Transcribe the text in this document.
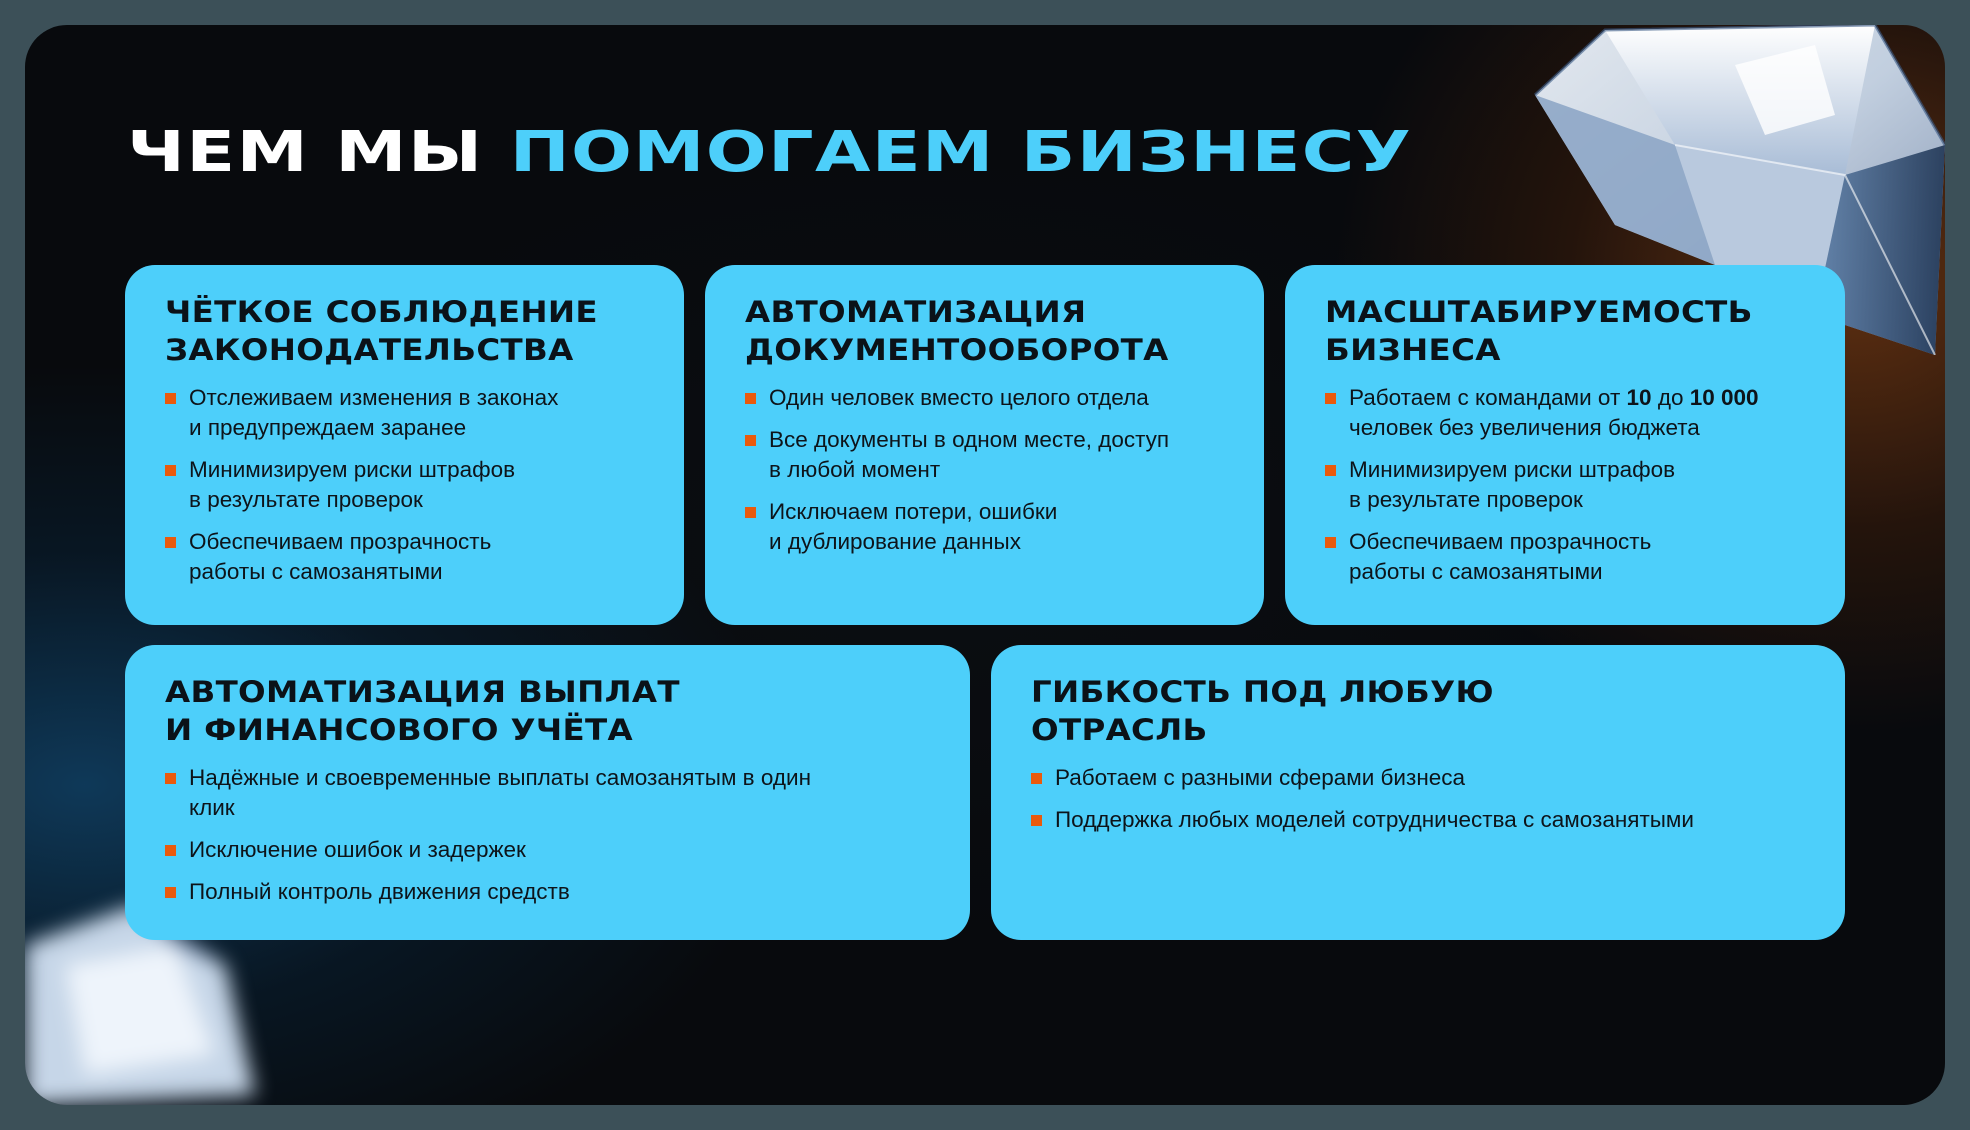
ЧЕМ МЫ ПОМОГАЕМ БИЗНЕСУ
ЧЁТКОЕ СОБЛЮДЕНИЕ
ЗАКОНОДАТЕЛЬСТВА
Отслеживаем изменения в законах
и предупреждаем заранее
Минимизируем риски штрафов
в результате проверок
Обеспечиваем прозрачность
работы с самозанятыми
АВТОМАТИЗАЦИЯ
ДОКУМЕНТООБОРОТА
Один человек вместо целого отдела
Все документы в одном месте, доступ
в любой момент
Исключаем потери, ошибки
и дублирование данных
МАСШТАБИРУЕМОСТЬ
БИЗНЕСА
Работаем с командами от 10 до 10 000
человек без увеличения бюджета
Минимизируем риски штрафов
в результате проверок
Обеспечиваем прозрачность
работы с самозанятыми
АВТОМАТИЗАЦИЯ ВЫПЛАТ
И ФИНАНСОВОГО УЧЁТА
Надёжные и своевременные выплаты самозанятым в один
клик
Исключение ошибок и задержек
Полный контроль движения средств
ГИБКОСТЬ ПОД ЛЮБУЮ
ОТРАСЛЬ
Работаем с разными сферами бизнеса
Поддержка любых моделей сотрудничества с самозанятыми
